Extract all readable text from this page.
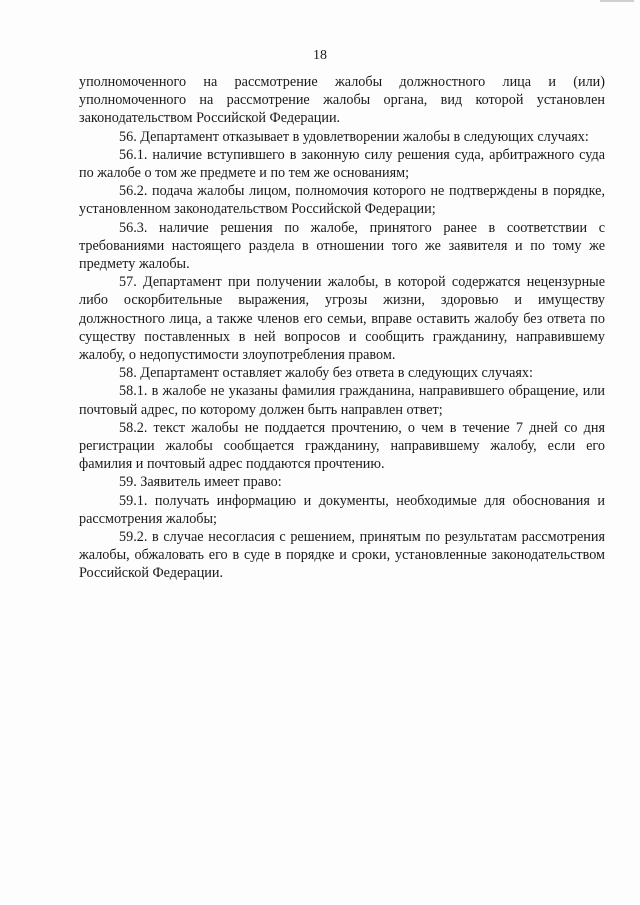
18

уполномоченного на рассмотрение жалобы должностного лица и (или) уполномоченного на рассмотрение жалобы органа, вид которой установлен законодательством Российской Федерации.

56. Департамент отказывает в удовлетворении жалобы в следующих случаях:

56.1. наличие вступившего в законную силу решения суда, арбитражного суда по жалобе о том же предмете и по тем же основаниям;

56.2. подача жалобы лицом, полномочия которого не подтверждены в порядке, установленном законодательством Российской Федерации;

56.3. наличие решения по жалобе, принятого ранее в соответствии с требованиями настоящего раздела в отношении того же заявителя и по тому же предмету жалобы.

57. Департамент при получении жалобы, в которой содержатся нецензурные либо оскорбительные выражения, угрозы жизни, здоровью и имуществу должностного лица, а также членов его семьи, вправе оставить жалобу без ответа по существу поставленных в ней вопросов и сообщить гражданину, направившему жалобу, о недопустимости злоупотребления правом.

58. Департамент оставляет жалобу без ответа в следующих случаях:

58.1. в жалобе не указаны фамилия гражданина, направившего обращение, или почтовый адрес, по которому должен быть направлен ответ;

58.2. текст жалобы не поддается прочтению, о чем в течение 7 дней со дня регистрации жалобы сообщается гражданину, направившему жалобу, если его фамилия и почтовый адрес поддаются прочтению.

59. Заявитель имеет право:

59.1. получать информацию и документы, необходимые для обоснования и рассмотрения жалобы;

59.2. в случае несогласия с решением, принятым по результатам рассмотрения жалобы, обжаловать его в суде в порядке и сроки, установленные законодательством Российской Федерации.
